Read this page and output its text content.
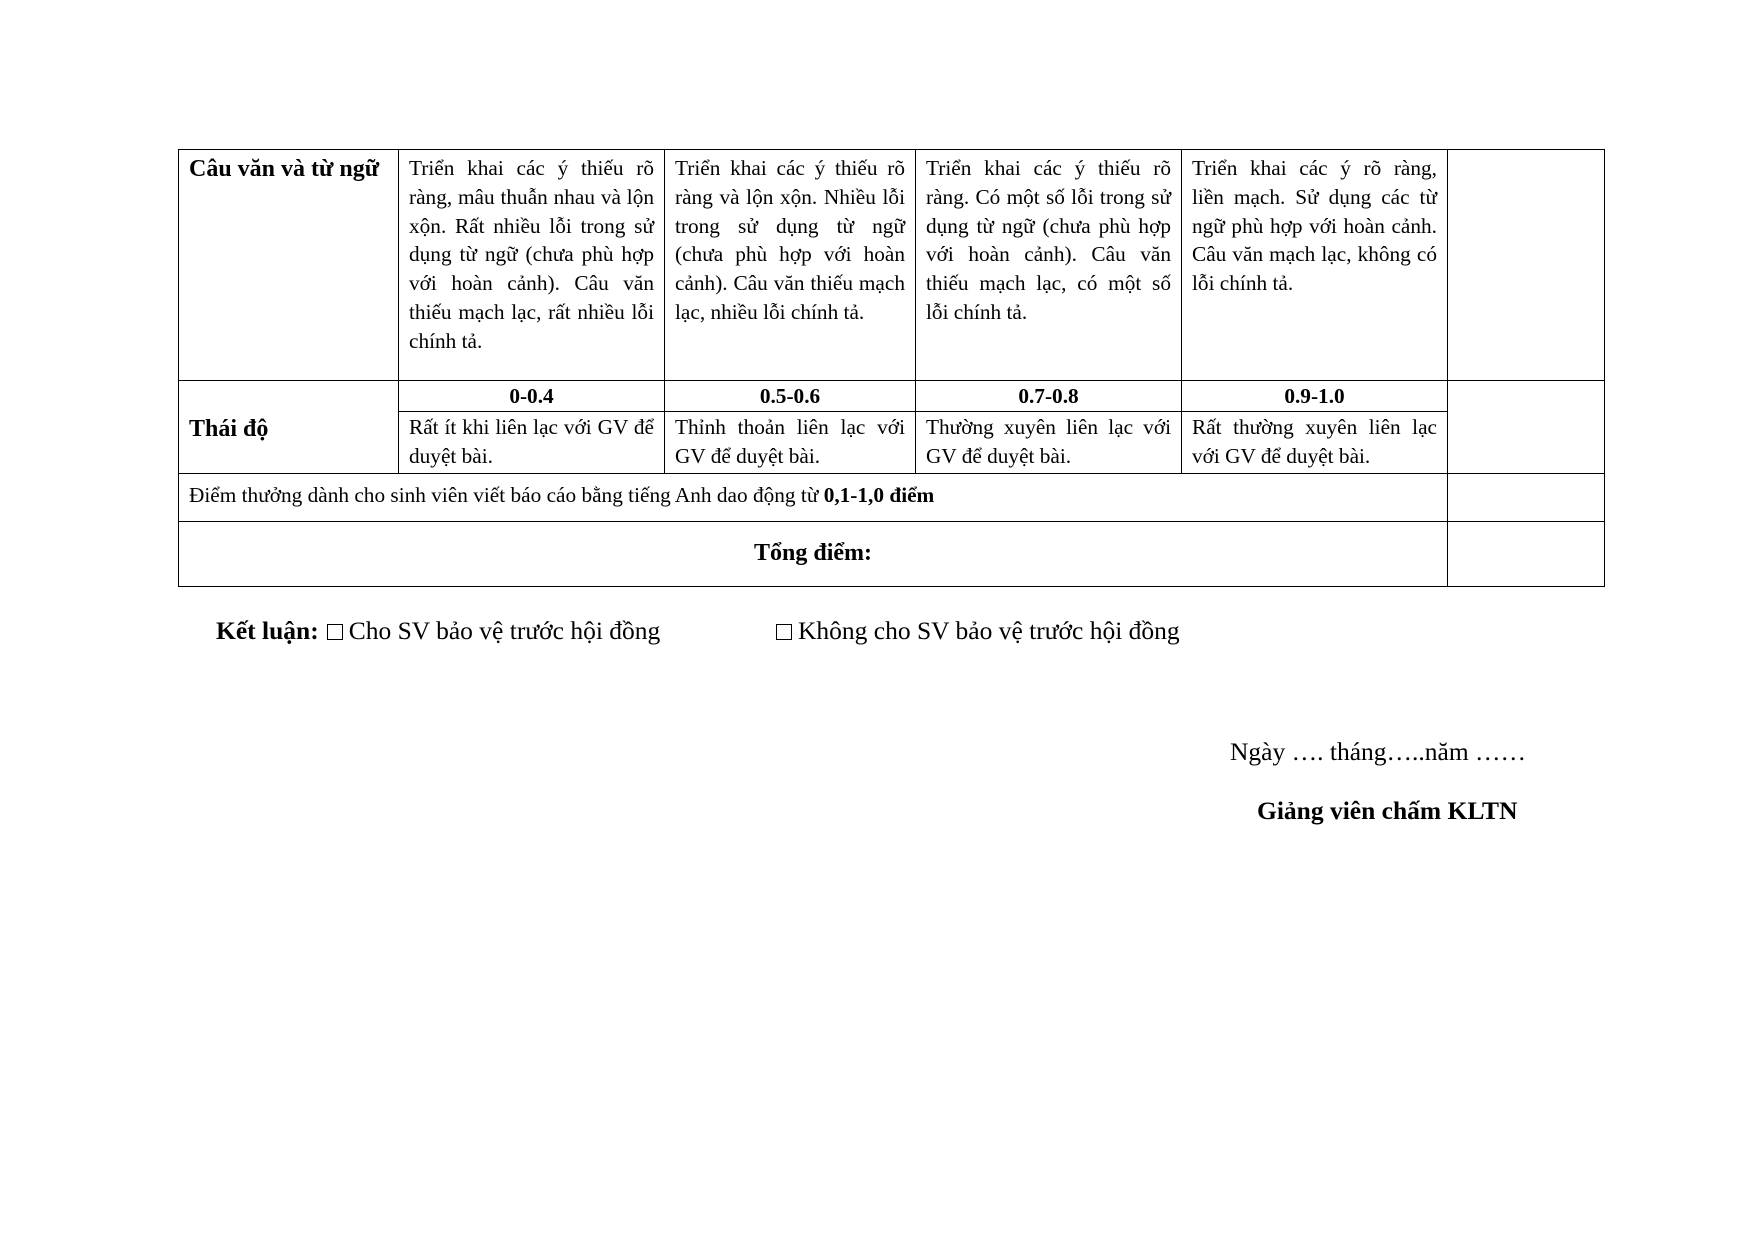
Câu văn và từ ngữ	Triển khai các ý thiếu rõ ràng, mâu thuẫn nhau và lộn xộn. Rất nhiều lỗi trong sử dụng từ ngữ (chưa phù hợp với hoàn cảnh). Câu văn thiếu mạch lạc, rất nhiều lỗi chính tả.	Triển khai các ý thiếu rõ ràng và lộn xộn. Nhiều lỗi trong sử dụng từ ngữ (chưa phù hợp với hoàn cảnh). Câu văn thiếu mạch lạc, nhiều lỗi chính tả.	Triển khai các ý thiếu rõ ràng. Có một số lỗi trong sử dụng từ ngữ (chưa phù hợp với hoàn cảnh). Câu văn thiếu mạch lạc, có một số lỗi chính tả.	Triển khai các ý rõ ràng, liền mạch. Sử dụng các từ ngữ phù hợp với hoàn cảnh. Câu văn mạch lạc, không có lỗi chính tả.	
Thái độ	0-0.4	0.5-0.6	0.7-0.8	0.9-1.0	
	Rất ít khi liên lạc với GV để duyệt bài.	Thỉnh thoản liên lạc với GV để duyệt bài.	Thường xuyên liên lạc với GV để duyệt bài.	Rất thường xuyên liên lạc với GV để duyệt bài.	
Điểm thưởng dành cho sinh viên viết báo cáo bằng tiếng Anh dao động từ 0,1-1,0 điểm					
Tổng điểm:					
Kết luận: Cho SV bảo vệ trước hội đồng	Không cho SV bảo vệ trước hội đồng
Ngày …. tháng…..năm ……
Giảng viên chấm KLTN
